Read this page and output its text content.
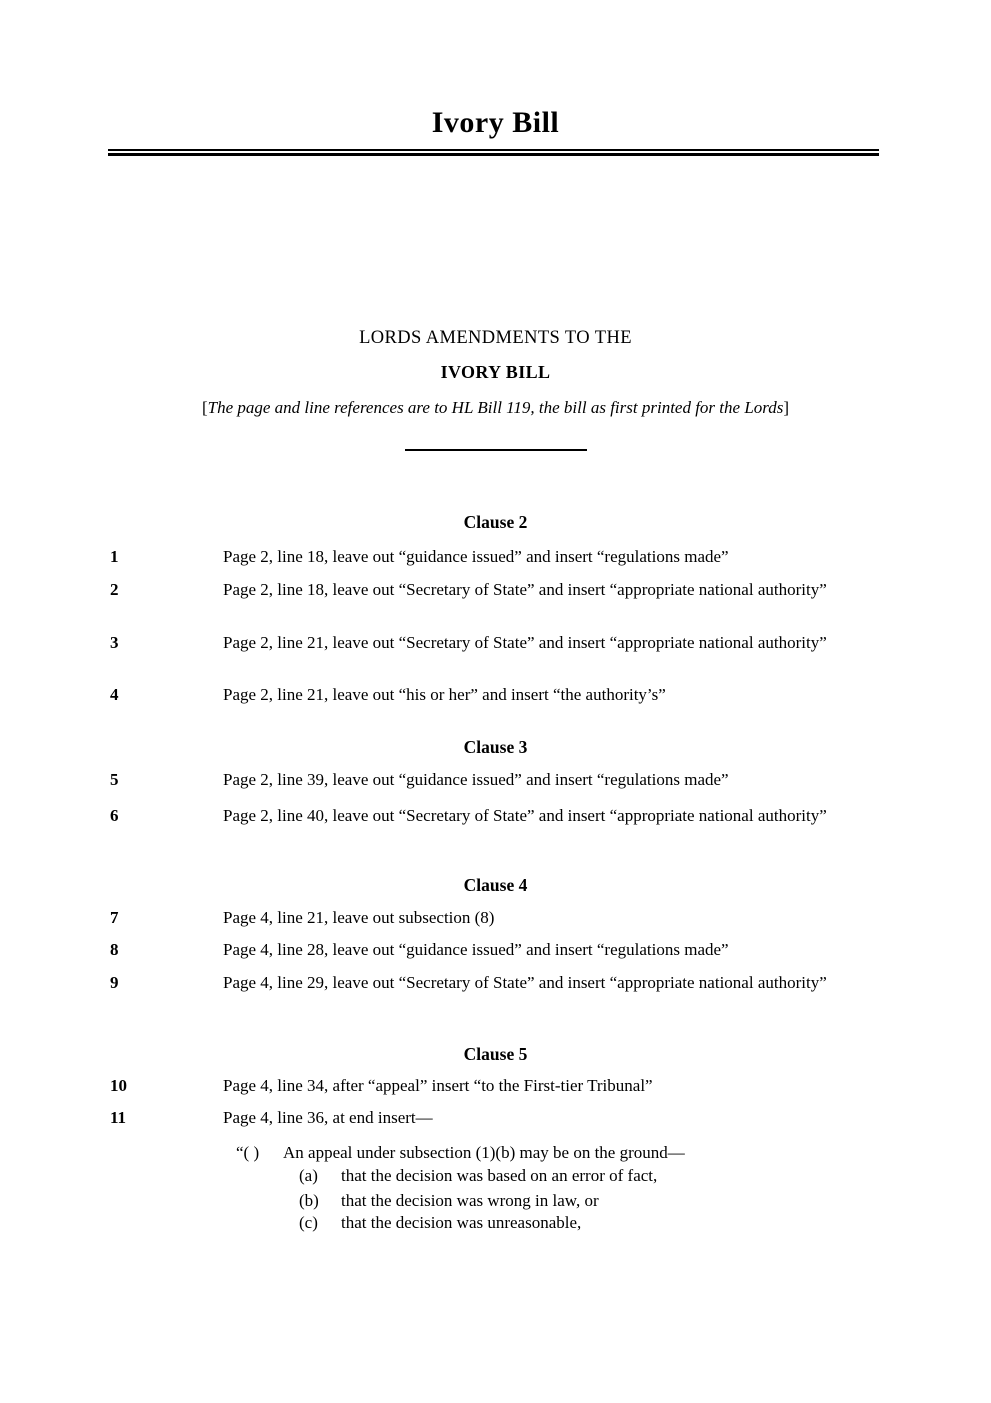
Ivory Bill
LORDS AMENDMENTS TO THE
IVORY BILL
[The page and line references are to HL Bill 119, the bill as first printed for the Lords]
Clause 2
1	Page 2, line 18, leave out “guidance issued” and insert “regulations made”
2	Page 2, line 18, leave out “Secretary of State” and insert “appropriate national authority”
3	Page 2, line 21, leave out “Secretary of State” and insert “appropriate national authority”
4	Page 2, line 21, leave out “his or her” and insert “the authority’s”
Clause 3
5	Page 2, line 39, leave out “guidance issued” and insert “regulations made”
6	Page 2, line 40, leave out “Secretary of State” and insert “appropriate national authority”
Clause 4
7	Page 4, line 21, leave out subsection (8)
8	Page 4, line 28, leave out “guidance issued” and insert “regulations made”
9	Page 4, line 29, leave out “Secretary of State” and insert “appropriate national authority”
Clause 5
10	Page 4, line 34, after “appeal” insert “to the First-tier Tribunal”
11	Page 4, line 36, at end insert—
“( ) An appeal under subsection (1)(b) may be on the ground—
(a) that the decision was based on an error of fact,
(b) that the decision was wrong in law, or
(c) that the decision was unreasonable,
